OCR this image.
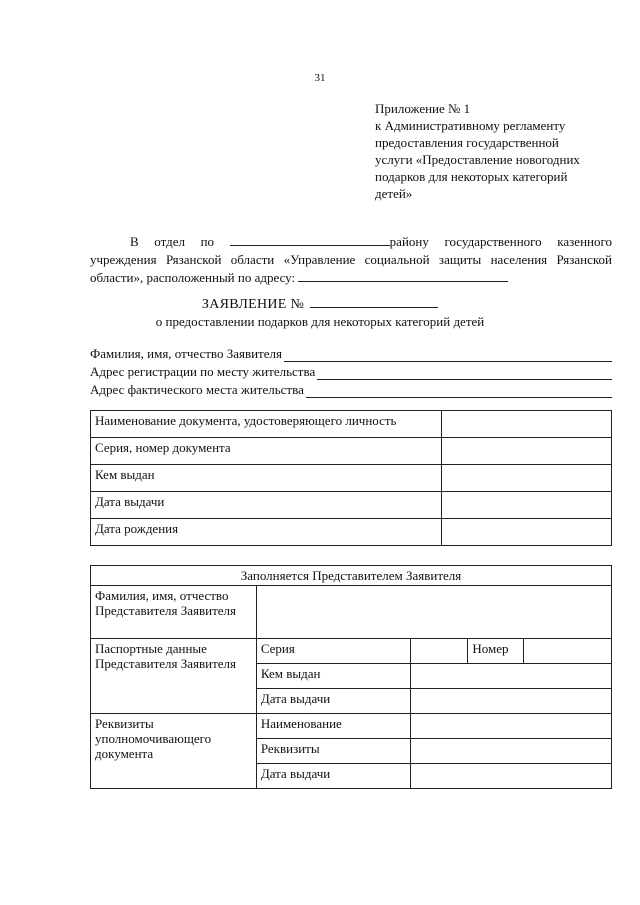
31
Приложение № 1
к Административному регламенту
предоставления государственной
услуги «Предоставление новогодних
подарков для некоторых категорий
детей»
В отдел по	району государственного казенного учреждения Рязанской области «Управление социальной защиты населения Рязанской области», расположенный по адресу:
ЗАЯВЛЕНИЕ №
о предоставлении подарков для некоторых категорий детей
Фамилия, имя, отчество Заявителя
Адрес регистрации по месту жительства
Адрес фактического места жительства
Наименование документа, удостоверяющего личность	
Серия, номер документа	
Кем выдан	
Дата выдачи	
Дата рождения	
Заполняется Представителем Заявителя				
Фамилия, имя, отчество Представителя Заявителя				
Паспортные данные Представителя Заявителя	Серия		Номер	
	Кем выдан			
	Дата выдачи			
Реквизиты уполномочивающего документа	Наименование			
	Реквизиты			
	Дата выдачи			
